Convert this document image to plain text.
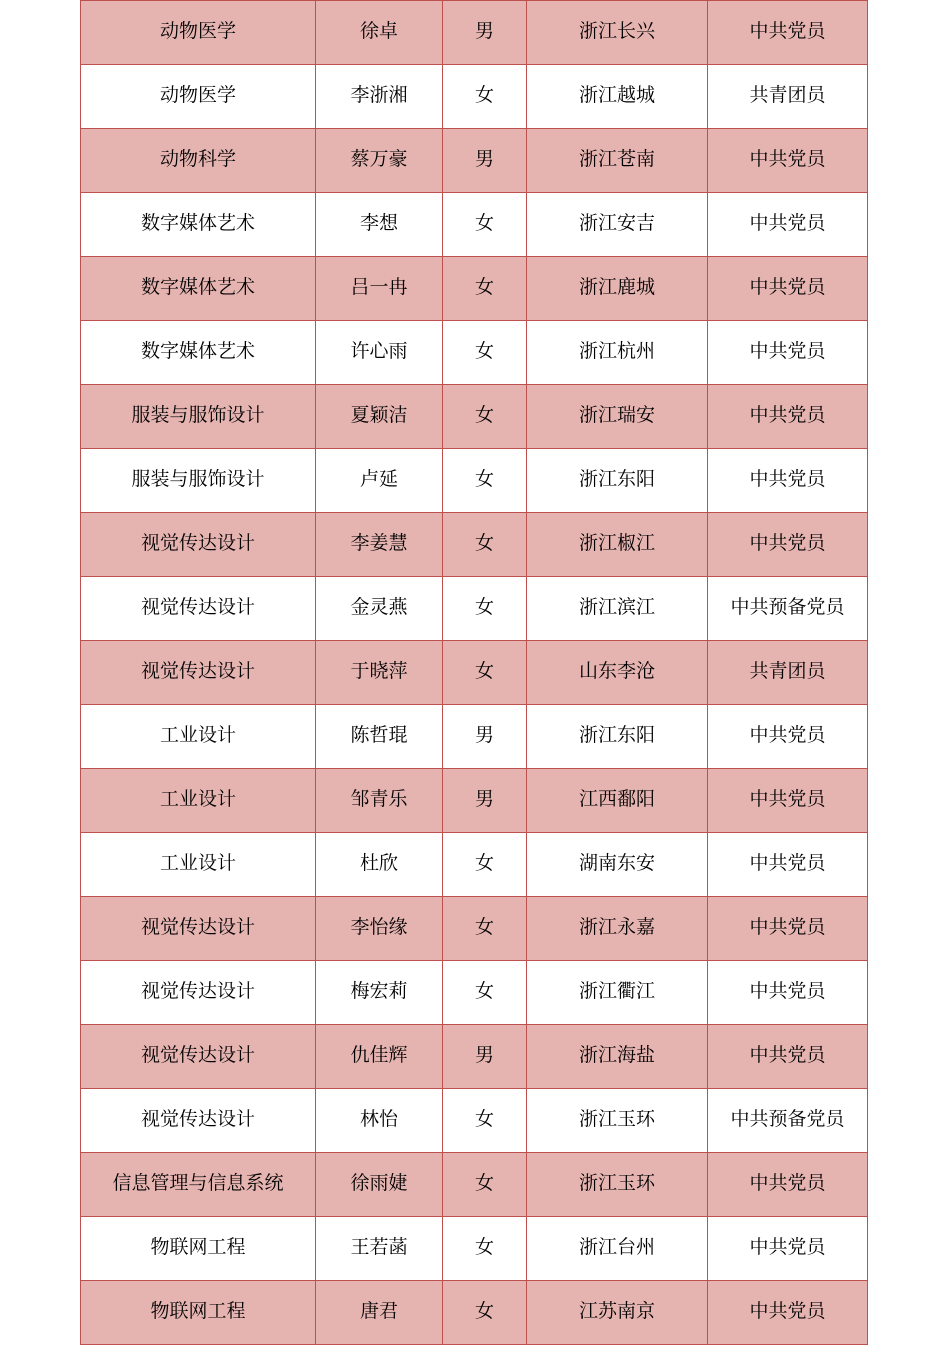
动物医学	徐卓	男	浙江长兴	中共党员
动物医学	李浙湘	女	浙江越城	共青团员
动物科学	蔡万豪	男	浙江苍南	中共党员
数字媒体艺术	李想	女	浙江安吉	中共党员
数字媒体艺术	吕一冉	女	浙江鹿城	中共党员
数字媒体艺术	许心雨	女	浙江杭州	中共党员
服装与服饰设计	夏颖洁	女	浙江瑞安	中共党员
服装与服饰设计	卢延	女	浙江东阳	中共党员
视觉传达设计	李姜慧	女	浙江椒江	中共党员
视觉传达设计	金灵燕	女	浙江滨江	中共预备党员
视觉传达设计	于晓萍	女	山东李沧	共青团员
工业设计	陈哲琨	男	浙江东阳	中共党员
工业设计	邹青乐	男	江西鄱阳	中共党员
工业设计	杜欣	女	湖南东安	中共党员
视觉传达设计	李怡缘	女	浙江永嘉	中共党员
视觉传达设计	梅宏莉	女	浙江衢江	中共党员
视觉传达设计	仇佳辉	男	浙江海盐	中共党员
视觉传达设计	林怡	女	浙江玉环	中共预备党员
信息管理与信息系统	徐雨婕	女	浙江玉环	中共党员
物联网工程	王若菡	女	浙江台州	中共党员
物联网工程	唐君	女	江苏南京	中共党员
